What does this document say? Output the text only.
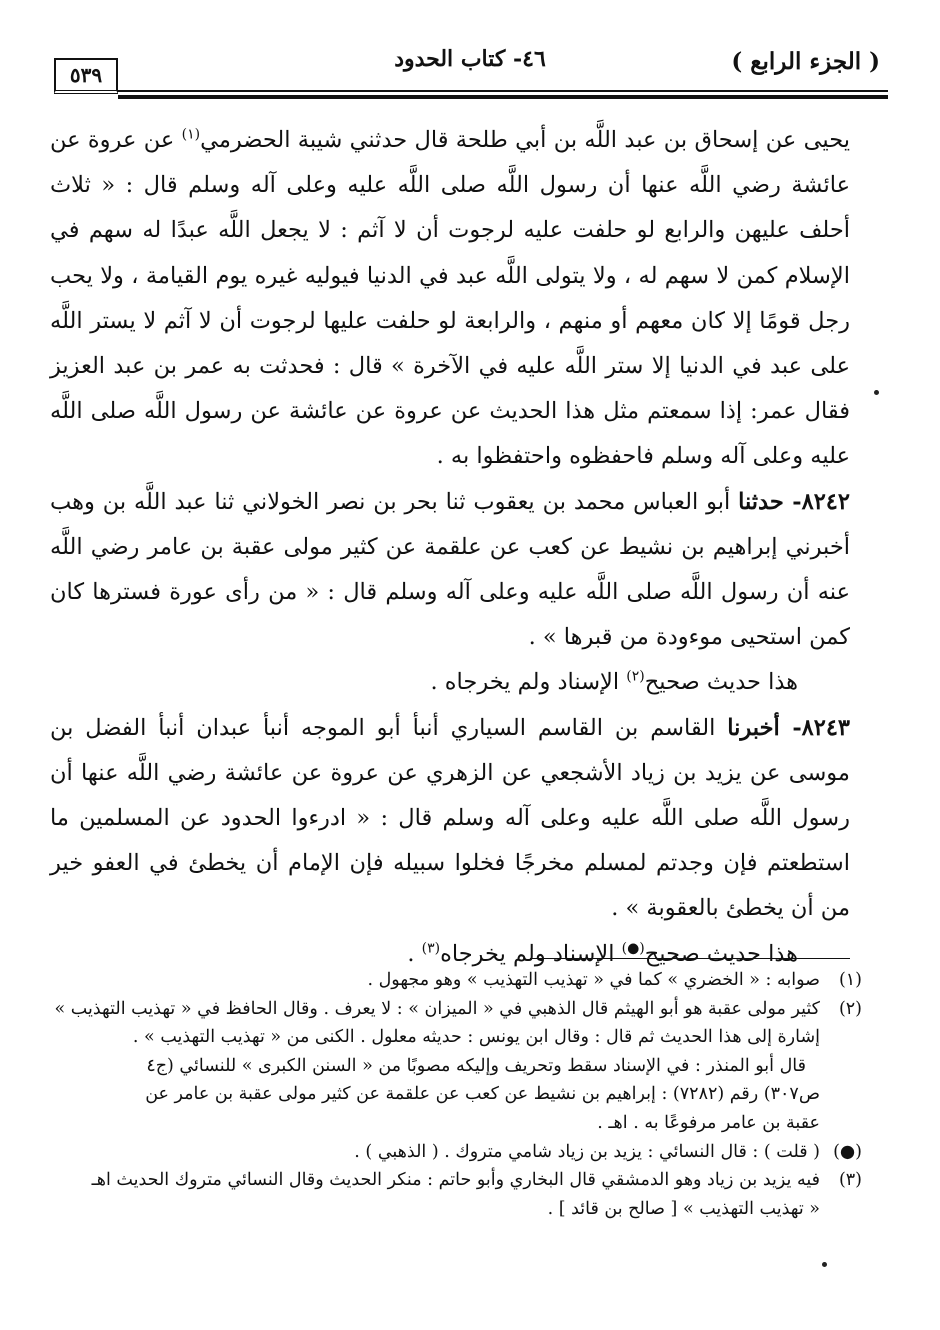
( الجزء الرابع )
٤٦- كتاب الحدود
٥٣٩

يحيى عن إسحاق بن عبد اللَّه بن أبي طلحة قال حدثني شيبة الحضرمي$^{(١)}$ عن عروة عن عائشة رضي اللَّه عنها أن رسول اللَّه صلى اللَّه عليه وعلى آله وسلم قال : « ثلاث أحلف عليهن والرابع لو حلفت عليه لرجوت أن لا آثم : لا يجعل اللَّه عبدًا له سهم في الإسلام كمن لا سهم له ، ولا يتولى اللَّه عبد في الدنيا فيوليه غيره يوم القيامة ، ولا يحب رجل قومًا إلا كان معهم أو منهم ، والرابعة لو حلفت عليها لرجوت أن لا آثم لا يستر اللَّه على عبد في الدنيا إلا ستر اللَّه عليه في الآخرة » قال : فحدثت به عمر بن عبد العزيز فقال عمر: إذا سمعتم مثل هذا الحديث عن عروة عن عائشة عن رسول اللَّه صلى اللَّه عليه وعلى آله وسلم فاحفظوه واحتفظوا به .

٨٢٤٢- حدثنا أبو العباس محمد بن يعقوب ثنا بحر بن نصر الخولاني ثنا عبد اللَّه بن وهب أخبرني إبراهيم بن نشيط عن كعب عن علقمة عن كثير مولى عقبة بن عامر رضي اللَّه عنه أن رسول اللَّه صلى اللَّه عليه وعلى آله وسلم قال : « من رأى عورة فسترها كان كمن استحيى موءودة من قبرها » .

هذا حديث صحيح$^{(٢)}$ الإسناد ولم يخرجاه .

٨٢٤٣- أخبرنا القاسم بن القاسم السياري أنبأ أبو الموجه أنبأ عبدان أنبأ الفضل بن موسى عن يزيد بن زياد الأشجعي عن الزهري عن عروة عن عائشة رضي اللَّه عنها أن رسول اللَّه صلى اللَّه عليه وعلى آله وسلم قال : « ادرءوا الحدود عن المسلمين ما استطعتم فإن وجدتم لمسلم مخرجًا فخلوا سبيله فإن الإمام أن يخطئ في العفو خير من أن يخطئ بالعقوبة » .

هذا حديث صحيح(●) الإسناد ولم يخرجاه$^{(٣)}$ .

(١)
صوابه : « الخضري » كما في « تهذيب التهذيب » وهو مجهول .
(٢)
كثير مولى عقبة هو أبو الهيثم قال الذهبي في « الميزان » : لا يعرف . وقال الحافظ في « تهذيب التهذيب »
إشارة إلى هذا الحديث ثم قال : وقال ابن يونس : حديثه معلول . الكنى من « تهذيب التهذيب » .
قال أبو المنذر : في الإسناد سقط وتحريف وإليكه مصوبًا من « السنن الكبرى » للنسائي (ج٤
ص٣٠٧) رقم (٧٢٨٢) : إبراهيم بن نشيط عن كعب عن علقمة عن كثير مولى عقبة بن عامر عن
عقبة بن عامر مرفوعًا به . اهـ .
(●)
( قلت ) : قال النسائي : يزيد بن زياد شامي متروك . ( الذهبي ) .
(٣)
فيه يزيد بن زياد وهو الدمشقي قال البخاري وأبو حاتم : منكر الحديث وقال النسائي متروك الحديث اهـ
« تهذيب التهذيب » [ صالح بن قائد ] .
